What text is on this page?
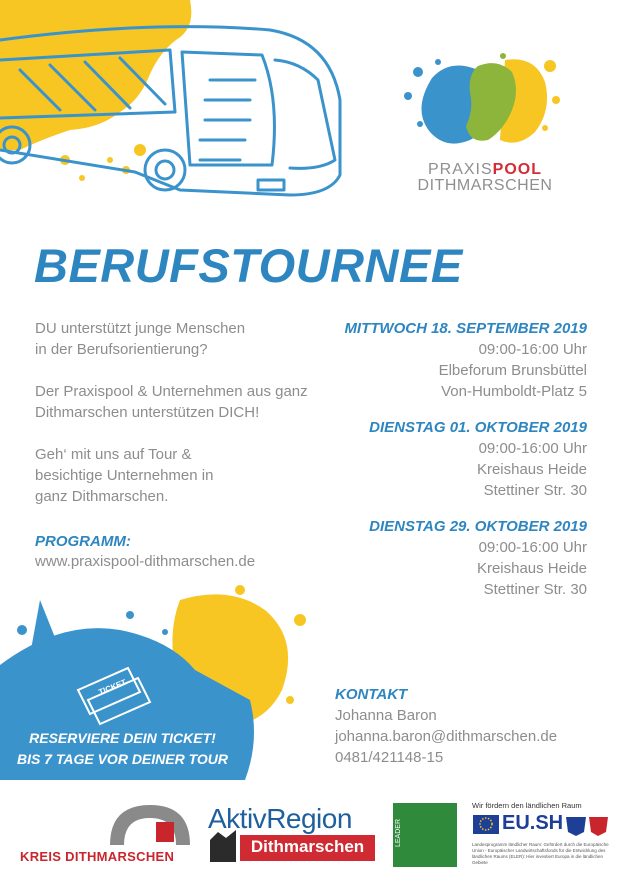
TICKET
PRAXISPOOL
DITHMARSCHEN
BERUFSTOURNEE

DU unterstützt junge Menschen
in der Berufsorientierung?

Der Praxispool & Unternehmen aus ganz
Dithmarschen unterstützen DICH!

Geh‘ mit uns auf Tour &
besichtige Unternehmen in
ganz Dithmarschen.

PROGRAMM:
www.praxispool-dithmarschen.de
MITTWOCH 18. SEPTEMBER 2019
09:00-16:00 Uhr
Elbeforum Brunsbüttel
Von-Humboldt-Platz 5
DIENSTAG 01. OKTOBER 2019
09:00-16:00 Uhr
Kreishaus Heide
Stettiner Str. 30
DIENSTAG 29. OKTOBER 2019
09:00-16:00 Uhr
Kreishaus Heide
Stettiner Str. 30
RESERVIERE DEIN TICKET!
BIS 7 TAGE VOR DEINER TOUR
KONTAKT
Johanna Baron
johanna.baron@dithmarschen.de
0481/421148-15
KREIS DITHMARSCHEN
AktivRegion
Dithmarschen	LEADER
Wir fördern den ländlichen Raum
EU.SH
Landesprogramm ländlicher Raum: Gefördert durch die Europäische Union - Europäischer Landwirtschaftsfonds für die Entwicklung des ländlichen Raums (ELER): Hier investiert Europa in die ländlichen Gebiete
